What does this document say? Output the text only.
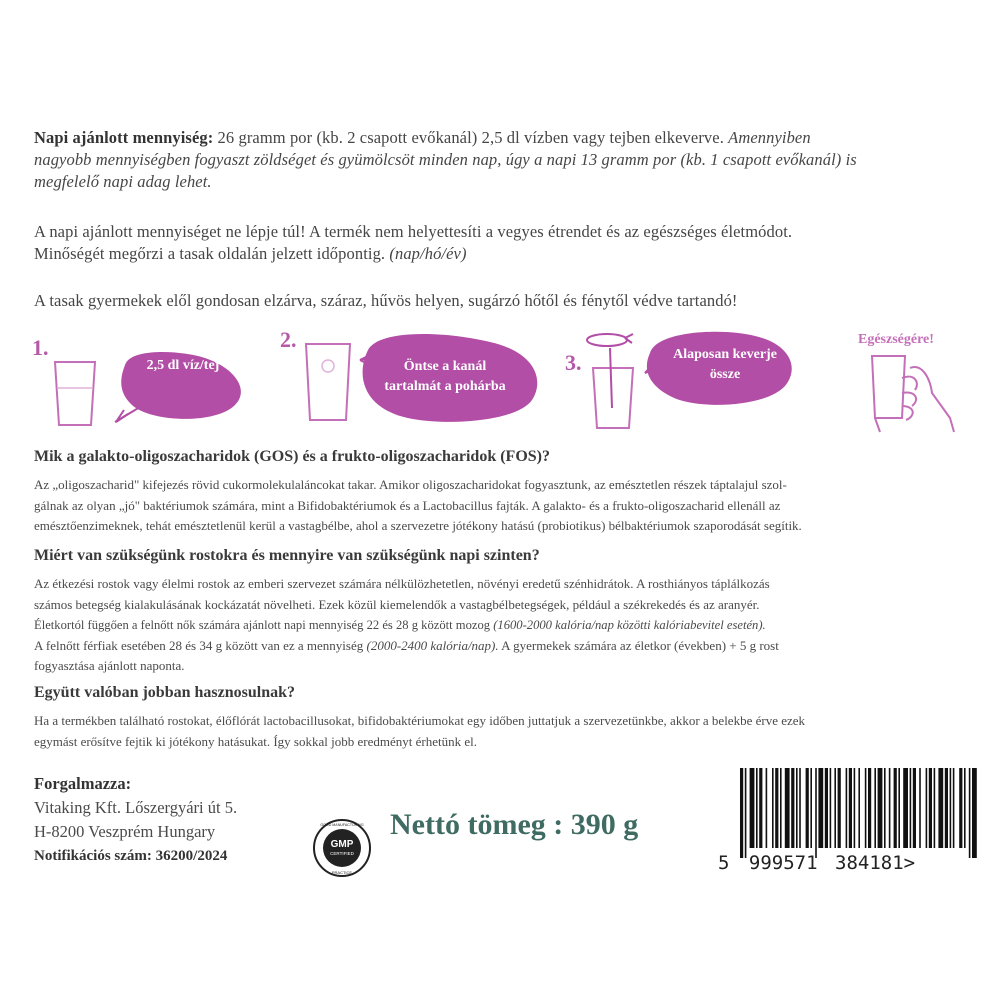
Napi ajánlott mennyiség: 26 gramm por (kb. 2 csapott evőkanál) 2,5 dl vízben vagy tejben elkeverve. Amennyiben
nagyobb mennyiségben fogyaszt zöldséget és gyümölcsöt minden nap, úgy a napi 13 gramm por (kb. 1 csapott evőkanál) is
megfelelő napi adag lehet.
A napi ajánlott mennyiséget ne lépje túl! A termék nem helyettesíti a vegyes étrendet és az egészséges életmódot.
Minőségét megőrzi a tasak oldalán jelzett időpontig. (nap/hó/év)
A tasak gyermekek elől gondosan elzárva, száraz, hűvös helyen, sugárzó hőtől és fénytől védve tartandó!
1.
2,5 dl víz/tej
2.
Öntse a kanál
tartalmát a pohárba
3.	Alaposan keverje
össze
Egészségére!
Mik a galakto-oligoszacharidok (GOS) és a frukto-oligoszacharidok (FOS)?
Az „oligoszacharid" kifejezés rövid cukormolekulaláncokat takar. Amikor oligoszacharidokat fogyasztunk, az emésztetlen részek táptalajul szol-
gálnak az olyan „jó" baktériumok számára, mint a Bifidobaktériumok és a Lactobacillus fajták. A galakto- és a frukto-oligoszacharid ellenáll az
emésztőenzimeknek, tehát emésztetlenül kerül a vastagbélbe, ahol a szervezetre jótékony hatású (probiotikus) bélbaktériumok szaporodását segítik.
Miért van szükségünk rostokra és mennyire van szükségünk napi szinten?
Az étkezési rostok vagy élelmi rostok az emberi szervezet számára nélkülözhetetlen, növényi eredetű szénhidrátok. A rosthiányos táplálkozás
számos betegség kialakulásának kockázatát növelheti. Ezek közül kiemelendők a vastagbélbetegségek, például a székrekedés és az aranyér.
Életkortól függően a felnőtt nők számára ajánlott napi mennyiség 22 és 28 g között mozog (1600-2000 kalória/nap közötti kalóriabevitel esetén).
A felnőtt férfiak esetében 28 és 34 g között van ez a mennyiség (2000-2400 kalória/nap). A gyermekek számára az életkor (években) + 5 g rost
fogyasztása ajánlott naponta.
Együtt valóban jobban hasznosulnak?
Ha a termékben található rostokat, élőflórát lactobacillusokat, bifidobaktériumokat egy időben juttatjuk a szervezetünkbe, akkor a belekbe érve ezek
egymást erősítve fejtik ki jótékony hatásukat. Így sokkal jobb eredményt érhetünk el.
Forgalmazza:
Vitaking Kft. Lőszergyári út 5.
H-8200 Veszprém Hungary
Notifikációs szám: 36200/2024
GMP
CERTIFIED
GOOD MANUFACTURING
PRACTICE
Nettó tömeg : 390 g
5 999571 384181>
